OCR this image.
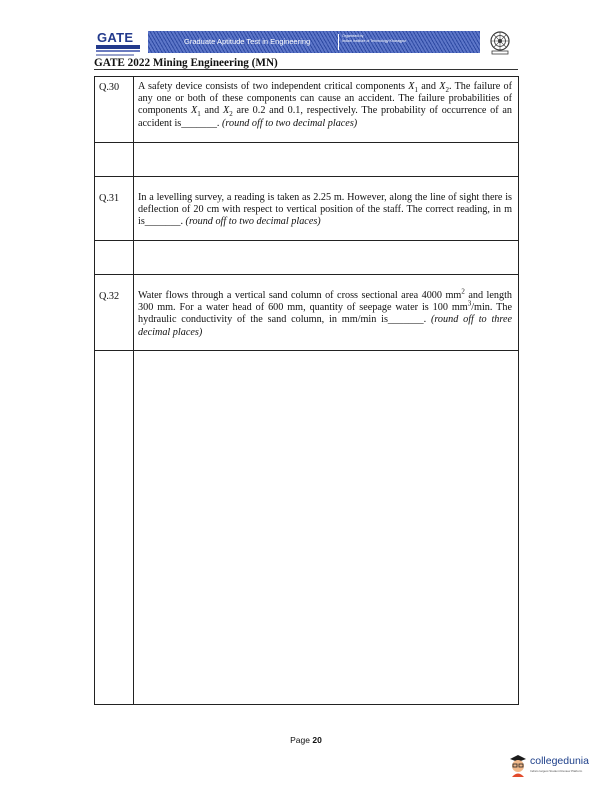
GATE	Graduate Aptitude Test in Engineering
Organised by
Indian Institute of Technology Kharagpur
GATE 2022 Mining Engineering (MN)
Q.30 A safety device consists of two independent critical components $X_1$ and $X_2$. The failure of any one or both of these components can cause an accident. The failure probabilities of components $X_1$ and $X_2$ are 0.2 and 0.1, respectively. The probability of occurrence of an accident is_______. (round off to two decimal places)
Q.31 In a levelling survey, a reading is taken as 2.25 m. However, along the line of sight there is deflection of 20 cm with respect to vertical position of the staff. The correct reading, in m is_______. (round off to two decimal places)
Q.32 Water flows through a vertical sand column of cross sectional area 4000 $mm^2$ and length 300 mm. For a water head of 600 mm, quantity of seepage water is 100 $mm^3/\min$. The hydraulic conductivity of the sand column, in mm/min is_______. (round off to three decimal places)
Page 20
collegedunia
India's largest Student Review Platform
